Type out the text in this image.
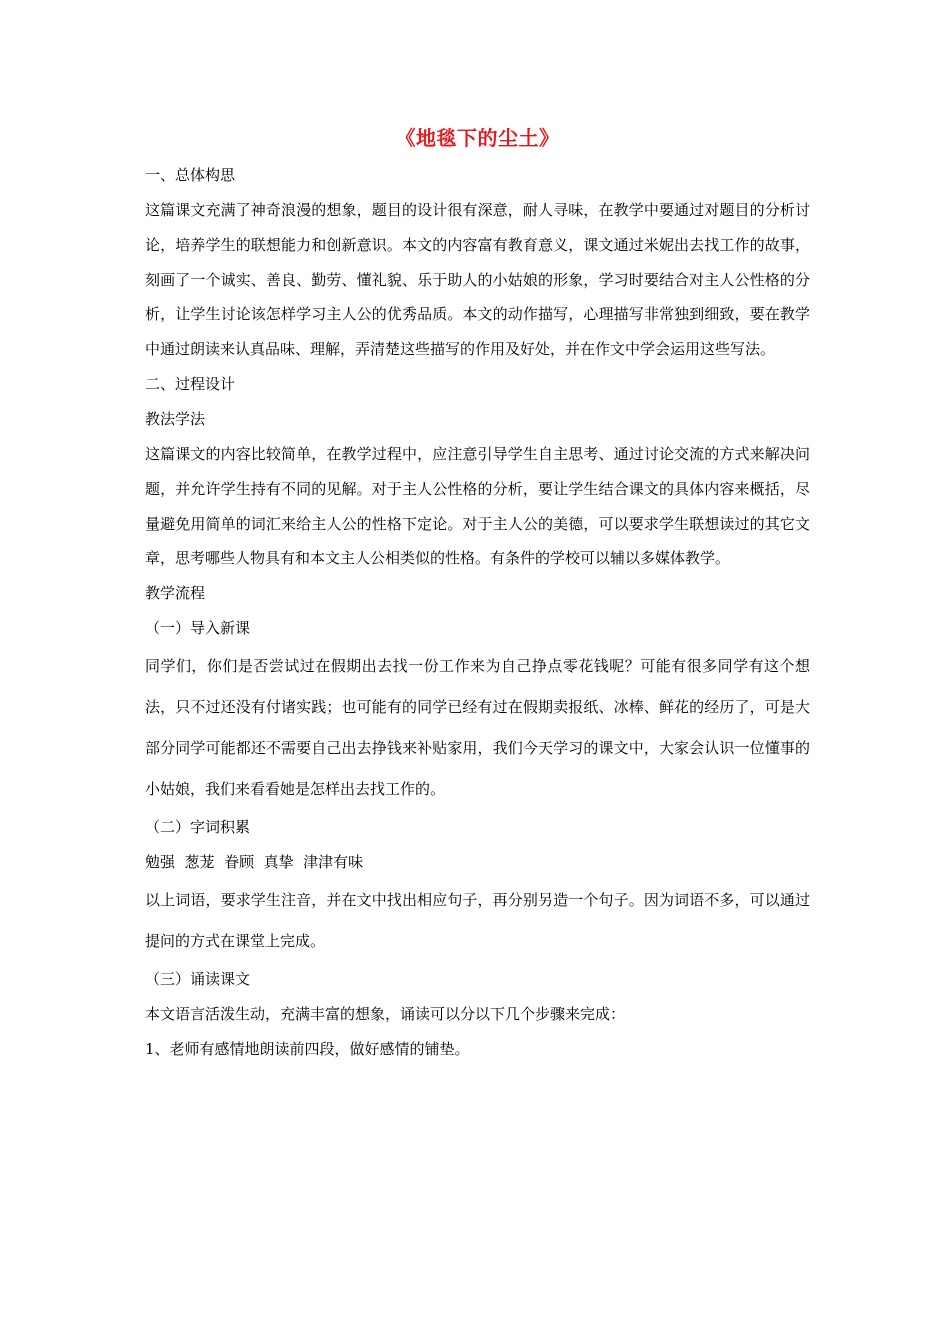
《地毯下的尘土》

一、总体构思

这篇课文充满了神奇浪漫的想象，题目的设计很有深意，耐人寻味，在教学中要通过对题目的分析讨论，培养学生的联想能力和创新意识。本文的内容富有教育意义，课文通过米妮出去找工作的故事，刻画了一个诚实、善良、勤劳、懂礼貌、乐于助人的小姑娘的形象，学习时要结合对主人公性格的分析，让学生讨论该怎样学习主人公的优秀品质。本文的动作描写，心理描写非常独到细致，要在教学中通过朗读来认真品味、理解，弄清楚这些描写的作用及好处，并在作文中学会运用这些写法。

二、过程设计

教法学法

这篇课文的内容比较简单，在教学过程中，应注意引导学生自主思考、通过讨论交流的方式来解决问题，并允许学生持有不同的见解。对于主人公性格的分析，要让学生结合课文的具体内容来概括，尽量避免用简单的词汇来给主人公的性格下定论。对于主人公的美德，可以要求学生联想读过的其它文章，思考哪些人物具有和本文主人公相类似的性格。有条件的学校可以辅以多媒体教学。

教学流程

（一）导入新课

同学们，你们是否尝试过在假期出去找一份工作来为自己挣点零花钱呢？可能有很多同学有这个想法，只不过还没有付诸实践；也可能有的同学已经有过在假期卖报纸、冰棒、鲜花的经历了，可是大部分同学可能都还不需要自己出去挣钱来补贴家用，我们今天学习的课文中，大家会认识一位懂事的小姑娘，我们来看看她是怎样出去找工作的。

（二）字词积累

勉强  葱茏  眷顾  真挚  津津有味

以上词语，要求学生注音，并在文中找出相应句子，再分别另造一个句子。因为词语不多，可以通过提问的方式在课堂上完成。

（三）诵读课文

本文语言活泼生动，充满丰富的想象，诵读可以分以下几个步骤来完成：

1、老师有感情地朗读前四段，做好感情的铺垫。
